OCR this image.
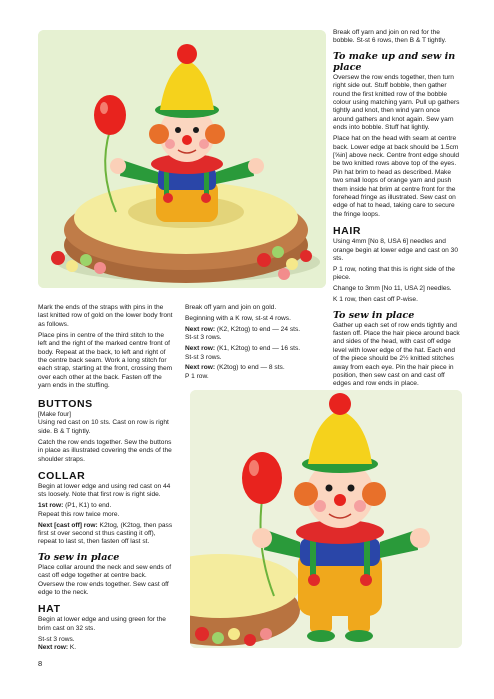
Break off yarn and join on red for the bobble. St-st 6 rows, then B & T tightly.

To make up and sew in place

Oversew the row ends together, then turn right side out. Stuff bobble, then gather round the first knitted row of the bobble colour using matching yarn. Pull up gathers tightly and knot, then wind yarn once around gathers and knot again. Sew yarn ends into bobble. Stuff hat lightly.

Place hat on the head with seam at centre back. Lower edge at back should be 1.5cm [⅝in] above neck. Centre front edge should be two knitted rows above top of the eyes. Pin hat brim to head as described. Make two small loops of orange yarn and push them inside hat brim at centre front for the forehead fringe as illustrated. Sew cast on edge of hat to head, taking care to secure the fringe loops.

HAIR

Using 4mm [No 8, USA 6] needles and orange begin at lower edge and cast on 30 sts.

P 1 row, noting that this is right side of the piece.

Change to 3mm [No 11, USA 2] needles.

K 1 row, then cast off P-wise.

To sew in place

Gather up each set of row ends tightly and fasten off. Place the hair piece around back and sides of the head, with cast off edge level with lower edge of the hat. Each end of the piece should be 2½ knitted stitches away from each eye. Pin the hair piece in position, then sew cast on and cast off edges and row ends in place.

Mark the ends of the straps with pins in the last knitted row of gold on the lower body front as follows.

Place pins in centre of the third stitch to the left and the right of the marked centre front of body. Repeat at the back, to left and right of the centre back seam. Work a long stitch for each strap, starting at the front, crossing them over each other at the back. Fasten off the yarn ends in the stuffing.

Break off yarn and join on gold.

Beginning with a K row, st-st 4 rows.

Next row: (K2, K2tog) to end — 24 sts.
St-st 3 rows.

Next row: (K1, K2tog) to end — 16 sts.
St-st 3 rows.

Next row: (K2tog) to end — 8 sts.
P 1 row.

BUTTONS

[Make four]
Using red cast on 10 sts. Cast on row is right side. B & T tightly.

Catch the row ends together. Sew the buttons in place as illustrated covering the ends of the shoulder straps.

COLLAR

Begin at lower edge and using red cast on 44 sts loosely. Note that first row is right side.

1st row: (P1, K1) to end.
Repeat this row twice more.

Next [cast off] row: K2tog, (K2tog, then pass first st over second st thus casting it off), repeat to last st, then fasten off last st.

To sew in place

Place collar around the neck and sew ends of cast off edge together at centre back. Oversew the row ends together. Sew cast off edge to the neck.

HAT

Begin at lower edge and using green for the brim cast on 32 sts.

St-st 3 rows.
Next row: K.

8
